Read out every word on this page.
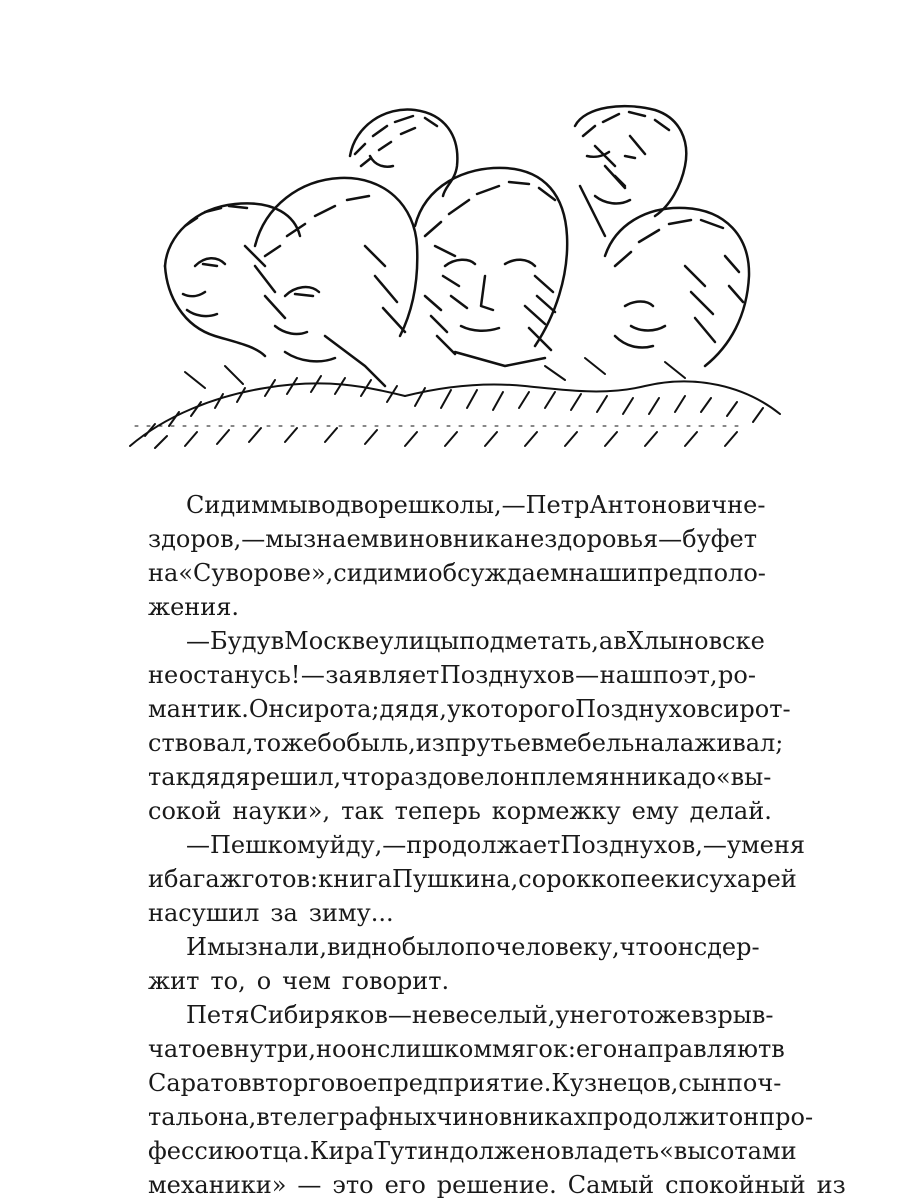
Сидим мы во дворе школы, — Петр Антонович не-
здоров, — мы знаем виновника нездоровья — буфет
на «Суворове», сидим и обсуждаем наши предполо-
жения.
— Буду в Москве улицы подметать, а в Хлыновске
не останусь! — заявляет Позднухов — наш поэт, ро-
мантик. Он сирота; дядя, у которого Позднухов сирот-
ствовал, тоже бобыль, из прутьев мебель налаживал;
так дядя решил, что раз довел он племянника до «вы-
сокой науки», так теперь кормежку ему делай.
— Пешком уйду, — продолжает Позднухов, — у меня
и багаж готов: книга Пушкина, сорок копеек и сухарей
насушил за зиму...
И мы знали, видно было по человеку, что он сдер-
жит то, о чем говорит.
Петя Сибиряков — невеселый, у него тоже взрыв-
чатое внутри, но он слишком мягок: его направляют в
Саратов в торговое предприятие. Кузнецов, сын поч-
тальона, в телеграфных чиновниках продолжит он про-
фессию отца. Кира Тутин должен овладеть «высотами
механики» — это его решение. Самый спокойный из
